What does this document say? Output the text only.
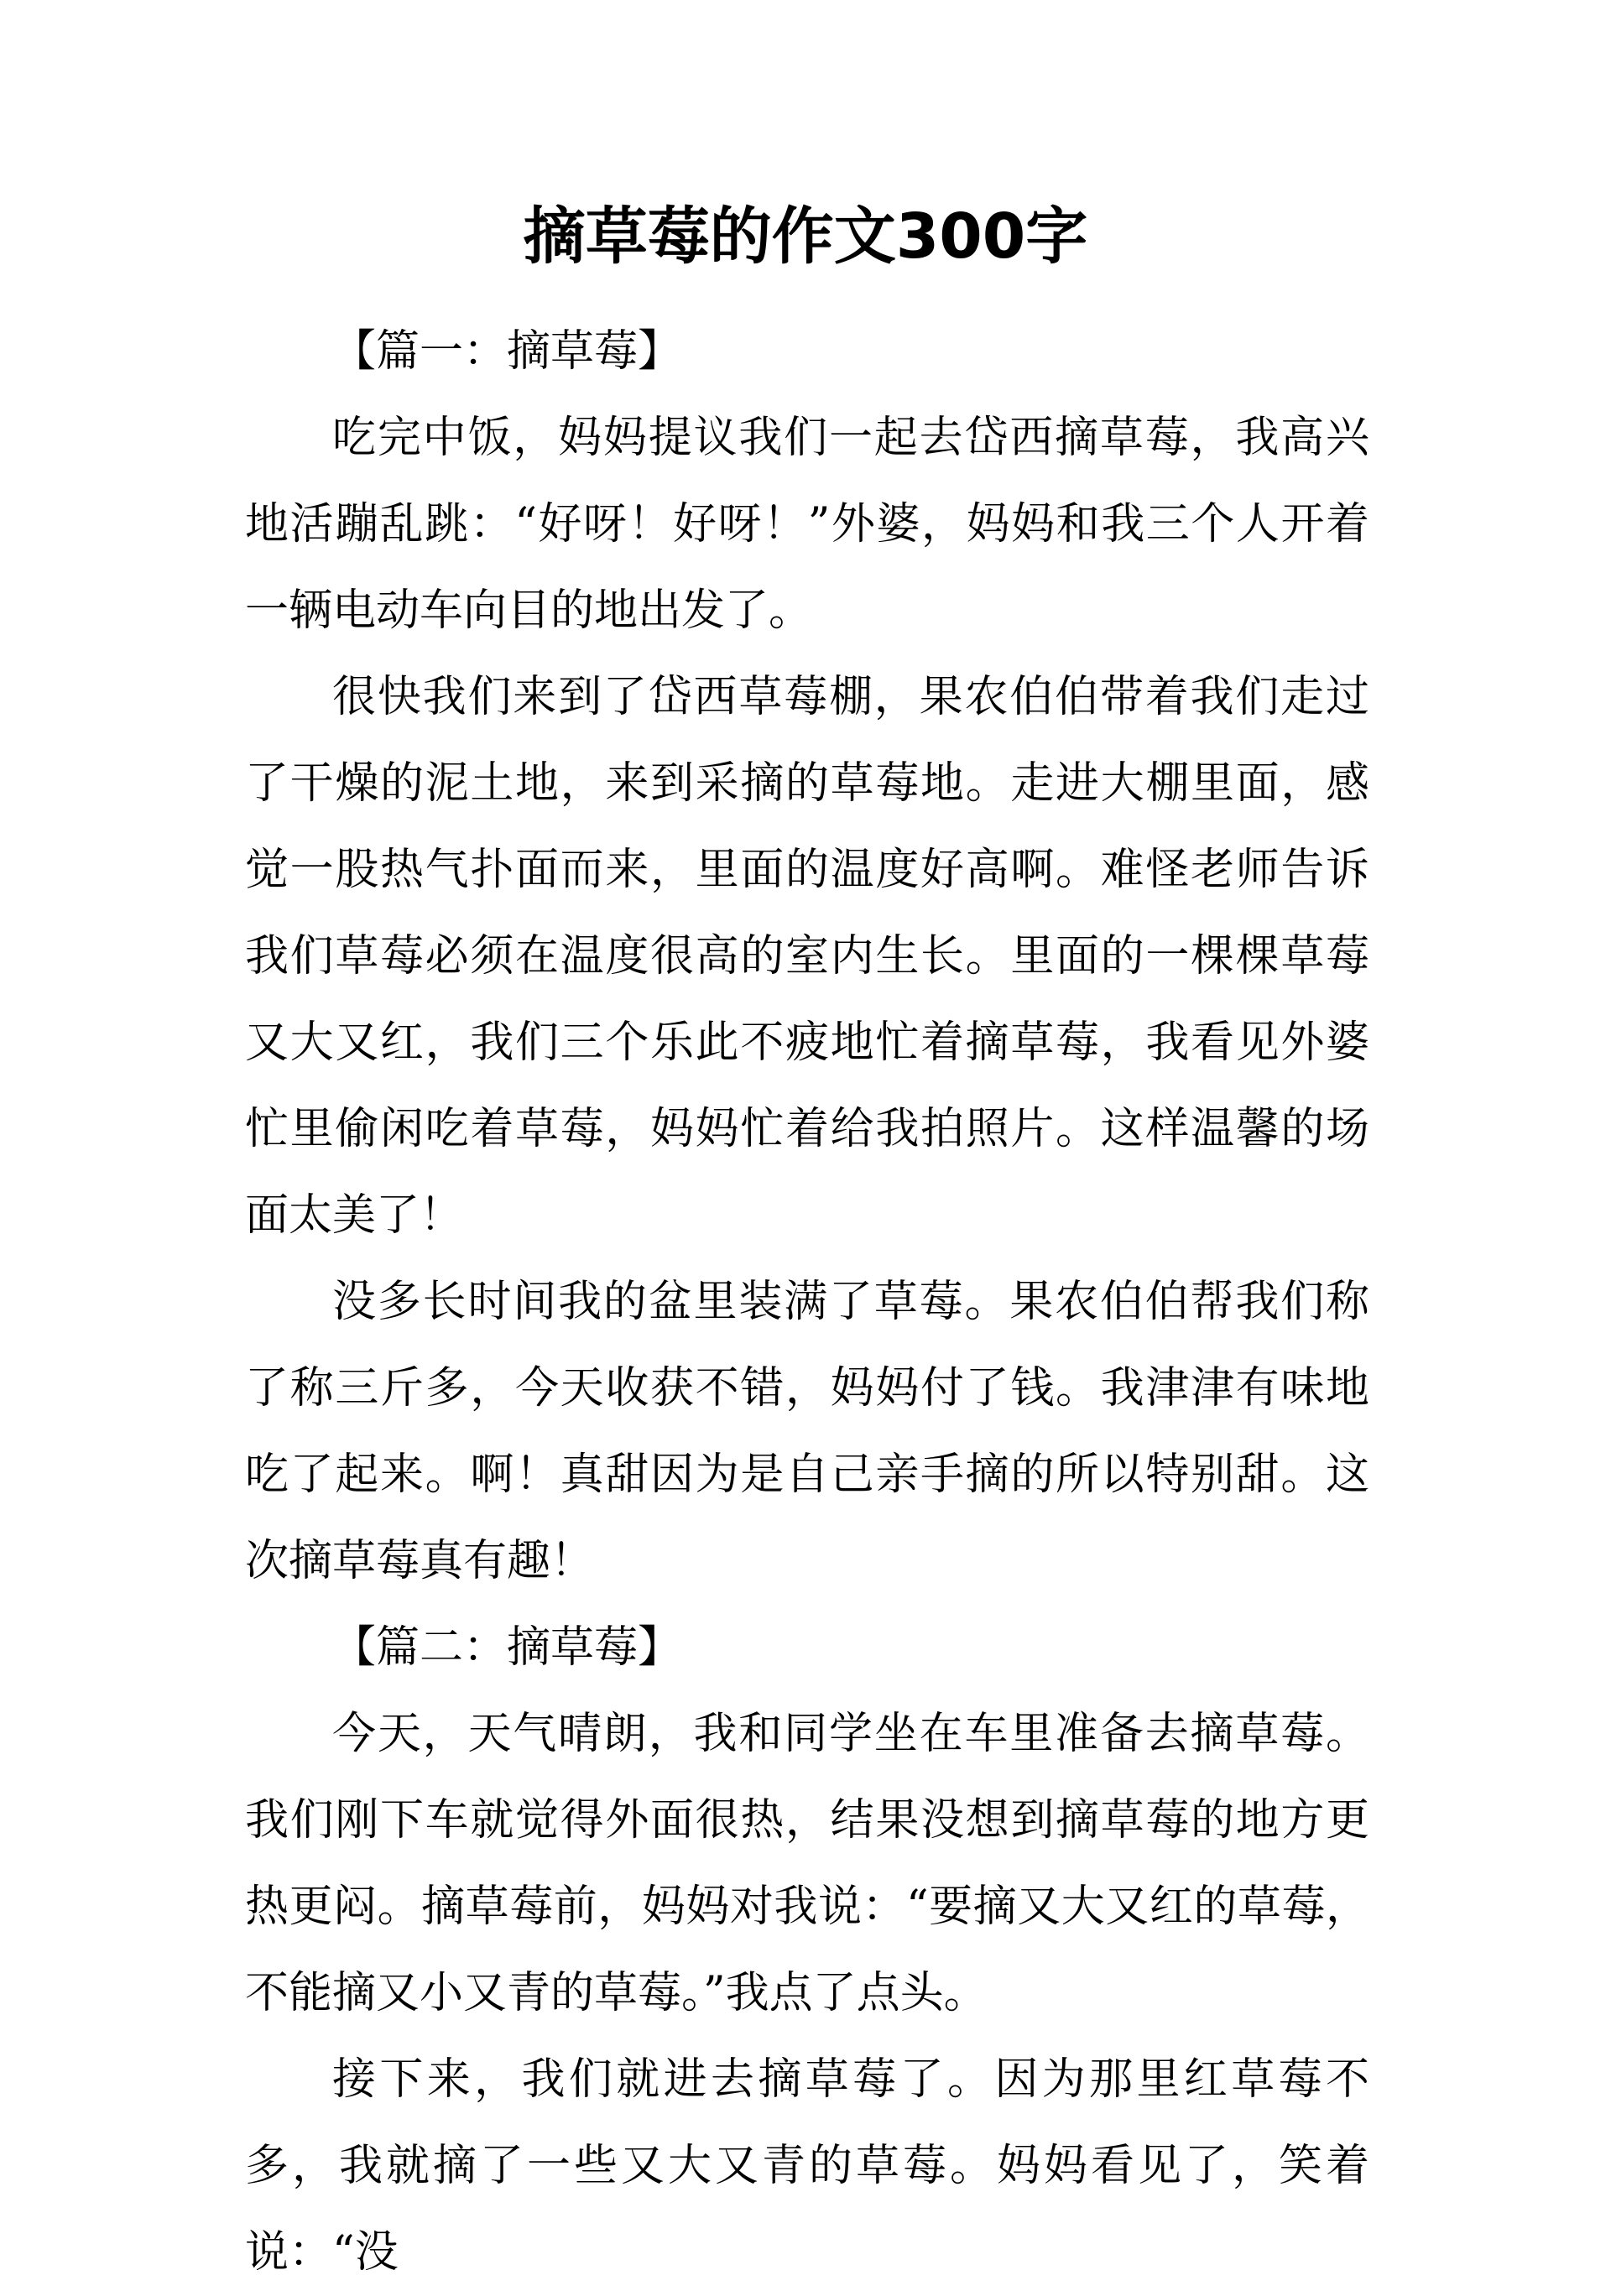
摘草莓的作文300字

【篇一：摘草莓】

吃完中饭，妈妈提议我们一起去岱西摘草莓，我高兴地活蹦乱跳：“好呀！好呀！”外婆，妈妈和我三个人开着一辆电动车向目的地出发了。

很快我们来到了岱西草莓棚，果农伯伯带着我们走过了干燥的泥土地，来到采摘的草莓地。走进大棚里面，感觉一股热气扑面而来，里面的温度好高啊。难怪老师告诉我们草莓必须在温度很高的室内生长。里面的一棵棵草莓又大又红，我们三个乐此不疲地忙着摘草莓，我看见外婆忙里偷闲吃着草莓，妈妈忙着给我拍照片。这样温馨的场面太美了！

没多长时间我的盆里装满了草莓。果农伯伯帮我们称了称三斤多，今天收获不错，妈妈付了钱。我津津有味地吃了起来。啊！真甜因为是自己亲手摘的所以特别甜。这次摘草莓真有趣！

【篇二：摘草莓】

今天，天气晴朗，我和同学坐在车里准备去摘草莓。我们刚下车就觉得外面很热，结果没想到摘草莓的地方更热更闷。摘草莓前，妈妈对我说：“要摘又大又红的草莓，不能摘又小又青的草莓。”我点了点头。

接下来，我们就进去摘草莓了。因为那里红草莓不多，我就摘了一些又大又青的草莓。妈妈看见了，笑着说：“没
